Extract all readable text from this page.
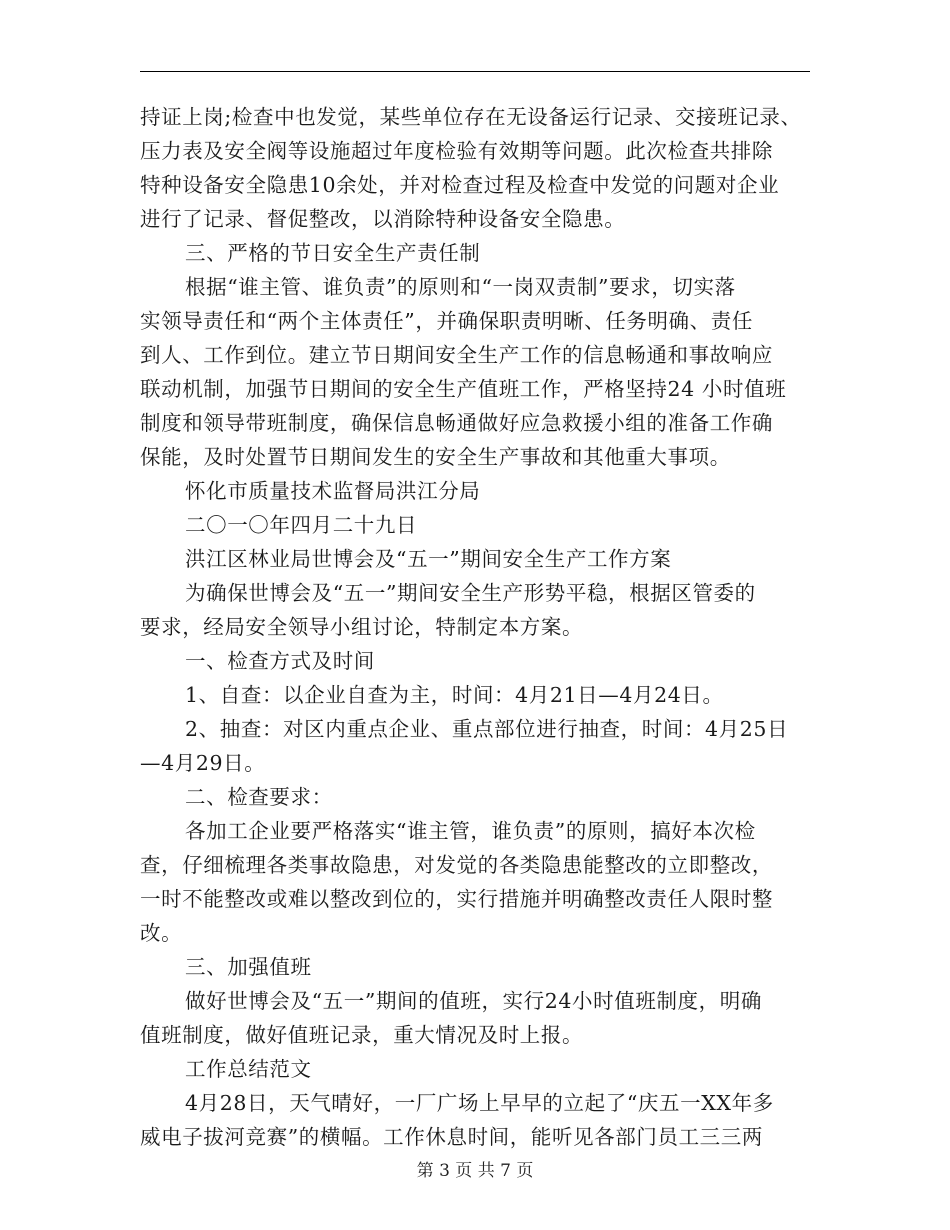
持证上岗;检查中也发觉，某些单位存在无设备运行记录、交接班记录、
压力表及安全阀等设施超过年度检验有效期等问题。此次检查共排除
特种设备安全隐患10余处，并对检查过程及检查中发觉的问题对企业
进行了记录、督促整改，以消除特种设备安全隐患。
三、严格的节日安全生产责任制
根据“谁主管、谁负责”的原则和“一岗双责制”要求，切实落
实领导责任和“两个主体责任”，并确保职责明晰、任务明确、责任
到人、工作到位。建立节日期间安全生产工作的信息畅通和事故响应
联动机制，加强节日期间的安全生产值班工作，严格坚持24 小时值班
制度和领导带班制度，确保信息畅通做好应急救援小组的准备工作确
保能，及时处置节日期间发生的安全生产事故和其他重大事项。
怀化市质量技术监督局洪江分局
二〇一〇年四月二十九日
洪江区林业局世博会及“五一”期间安全生产工作方案
为确保世博会及“五一”期间安全生产形势平稳，根据区管委的
要求，经局安全领导小组讨论，特制定本方案。
一、检查方式及时间
1、自查：以企业自查为主，时间：4月21日—4月24日。
2、抽查：对区内重点企业、重点部位进行抽查，时间：4月25日
—4月29日。
二、检查要求：
各加工企业要严格落实“谁主管，谁负责”的原则，搞好本次检
查，仔细梳理各类事故隐患，对发觉的各类隐患能整改的立即整改，
一时不能整改或难以整改到位的，实行措施并明确整改责任人限时整
改。
三、加强值班
做好世博会及“五一”期间的值班，实行24小时值班制度，明确
值班制度，做好值班记录，重大情况及时上报。
工作总结范文
4月28日，天气晴好，一厂广场上早早的立起了“庆五一XX年多
威电子拔河竞赛”的横幅。工作休息时间，能听见各部门员工三三两
第 3 页 共 7 页
